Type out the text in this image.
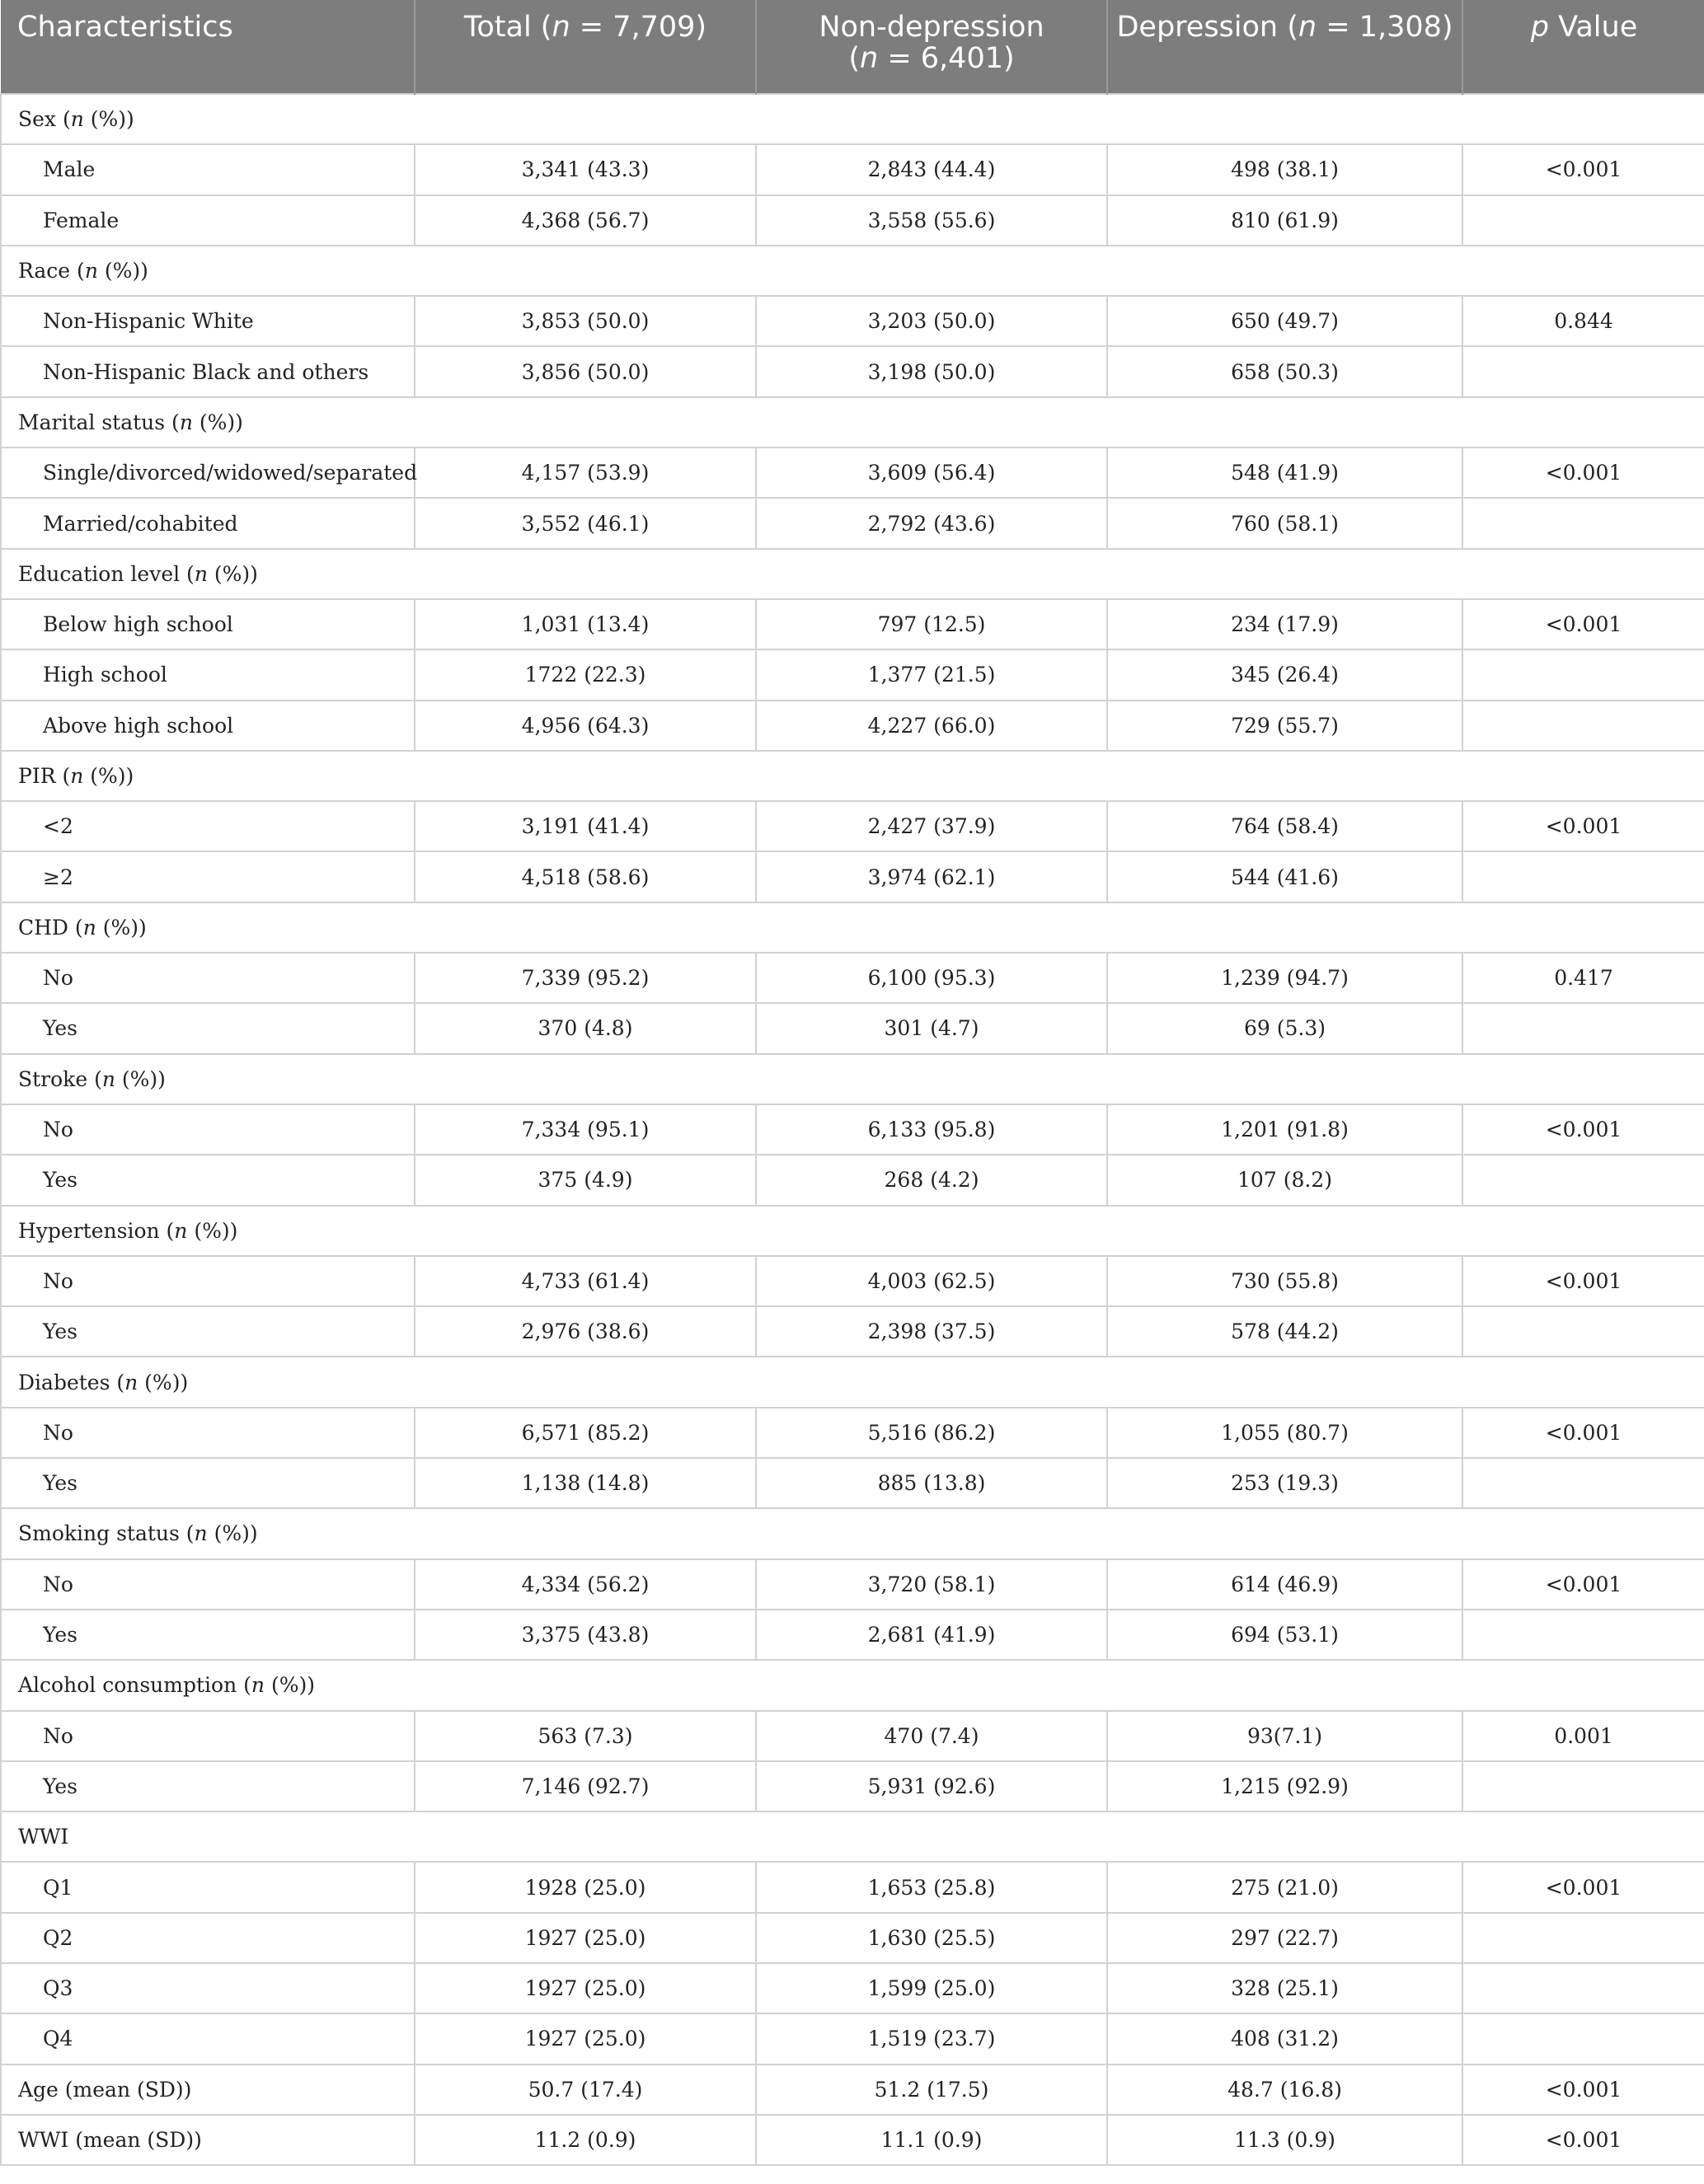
Characteristics	Total (n = 7,709)	Non-depression
(n = 6,401)	Depression (n = 1,308)	p Value
Sex (n (%))				
Male	3,341 (43.3)	2,843 (44.4)	498 (38.1)	<0.001
Female	4,368 (56.7)	3,558 (55.6)	810 (61.9)	
Race (n (%))				
Non-Hispanic White	3,853 (50.0)	3,203 (50.0)	650 (49.7)	0.844
Non-Hispanic Black and others	3,856 (50.0)	3,198 (50.0)	658 (50.3)	
Marital status (n (%))				
Single/divorced/widowed/separated	4,157 (53.9)	3,609 (56.4)	548 (41.9)	<0.001
Married/cohabited	3,552 (46.1)	2,792 (43.6)	760 (58.1)	
Education level (n (%))				
Below high school	1,031 (13.4)	797 (12.5)	234 (17.9)	<0.001
High school	1722 (22.3)	1,377 (21.5)	345 (26.4)	
Above high school	4,956 (64.3)	4,227 (66.0)	729 (55.7)	
PIR (n (%))				
<2	3,191 (41.4)	2,427 (37.9)	764 (58.4)	<0.001
≥2	4,518 (58.6)	3,974 (62.1)	544 (41.6)	
CHD (n (%))				
No	7,339 (95.2)	6,100 (95.3)	1,239 (94.7)	0.417
Yes	370 (4.8)	301 (4.7)	69 (5.3)	
Stroke (n (%))				
No	7,334 (95.1)	6,133 (95.8)	1,201 (91.8)	<0.001
Yes	375 (4.9)	268 (4.2)	107 (8.2)	
Hypertension (n (%))				
No	4,733 (61.4)	4,003 (62.5)	730 (55.8)	<0.001
Yes	2,976 (38.6)	2,398 (37.5)	578 (44.2)	
Diabetes (n (%))				
No	6,571 (85.2)	5,516 (86.2)	1,055 (80.7)	<0.001
Yes	1,138 (14.8)	885 (13.8)	253 (19.3)	
Smoking status (n (%))				
No	4,334 (56.2)	3,720 (58.1)	614 (46.9)	<0.001
Yes	3,375 (43.8)	2,681 (41.9)	694 (53.1)	
Alcohol consumption (n (%))				
No	563 (7.3)	470 (7.4)	93(7.1)	0.001
Yes	7,146 (92.7)	5,931 (92.6)	1,215 (92.9)	
WWI				
Q1	1928 (25.0)	1,653 (25.8)	275 (21.0)	<0.001
Q2	1927 (25.0)	1,630 (25.5)	297 (22.7)	
Q3	1927 (25.0)	1,599 (25.0)	328 (25.1)	
Q4	1927 (25.0)	1,519 (23.7)	408 (31.2)	
Age (mean (SD))	50.7 (17.4)	51.2 (17.5)	48.7 (16.8)	<0.001
WWI (mean (SD))	11.2 (0.9)	11.1 (0.9)	11.3 (0.9)	<0.001
